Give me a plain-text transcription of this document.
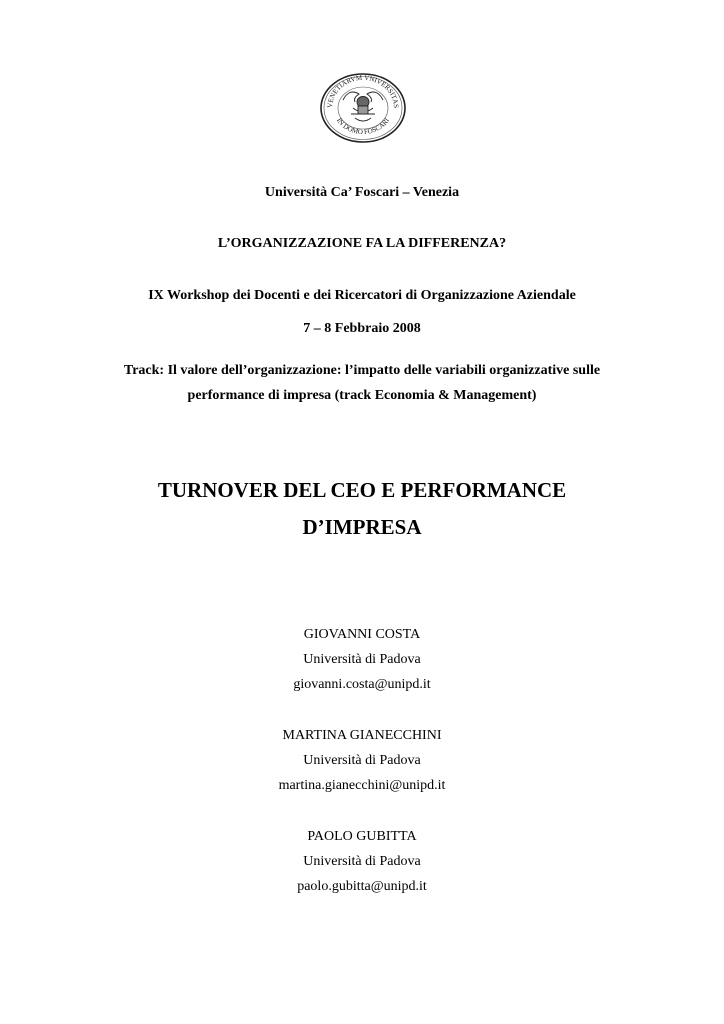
VENETIARVM VNIVERSITAS
IN DOMO FOSCARI
Università Ca’ Foscari – Venezia
L’ORGANIZZAZIONE FA LA DIFFERENZA?
IX Workshop dei Docenti e dei Ricercatori di Organizzazione Aziendale
7 – 8 Febbraio 2008
Track: Il valore dell’organizzazione: l’impatto delle variabili organizzative sulle
performance di impresa (track Economia & Management)
TURNOVER DEL CEO E PERFORMANCE
D’IMPRESA
GIOVANNI COSTA
Università di Padova
giovanni.costa@unipd.it
MARTINA GIANECCHINI
Università di Padova
martina.gianecchini@unipd.it
PAOLO GUBITTA
Università di Padova
paolo.gubitta@unipd.it
